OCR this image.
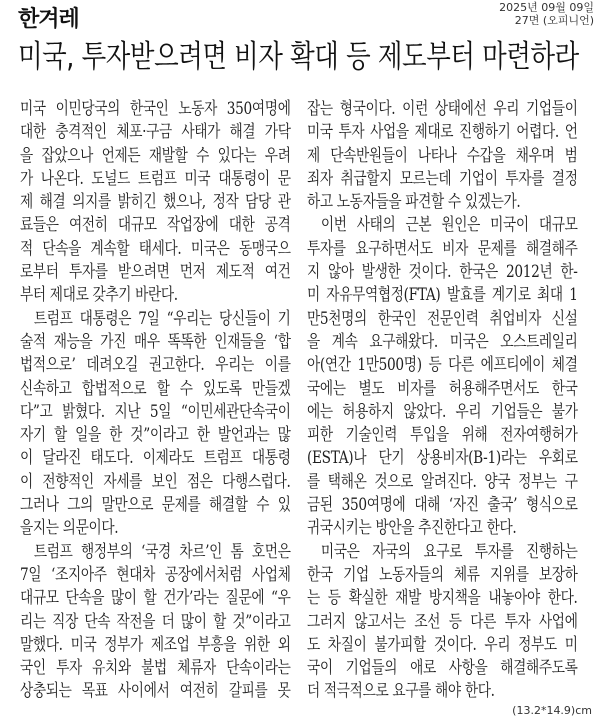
한겨레	2025년 09월 09일
27면 (오피니언)
미국, 투자받으려면 비자 확대 등 제도부터 마련하라
미국 이민당국의 한국인 노동자 350여명에
대한 충격적인 체포·구금 사태가 해결 가닥
을 잡았으나 언제든 재발할 수 있다는 우려
가 나온다. 도널드 트럼프 미국 대통령이 문
제 해결 의지를 밝히긴 했으나, 정작 담당 관
료들은 여전히 대규모 작업장에 대한 공격
적 단속을 계속할 태세다. 미국은 동맹국으
로부터 투자를 받으려면 먼저 제도적 여건
부터 제대로 갖추기 바란다.
트럼프 대통령은 7일 “우리는 당신들이 기
술적 재능을 가진 매우 똑똑한 인재들을 ‘합
법적으로’ 데려오길 권고한다. 우리는 이를
신속하고 합법적으로 할 수 있도록 만들겠
다”고 밝혔다. 지난 5일 “이민세관단속국이
자기 할 일을 한 것”이라고 한 발언과는 많
이 달라진 태도다. 이제라도 트럼프 대통령
이 전향적인 자세를 보인 점은 다행스럽다.
그러나 그의 말만으로 문제를 해결할 수 있
을지는 의문이다.
트럼프 행정부의 ‘국경 차르’인 톰 호먼은
7일 ‘조지아주 현대차 공장에서처럼 사업체
대규모 단속을 많이 할 건가’라는 질문에 “우
리는 직장 단속 작전을 더 많이 할 것”이라고
말했다. 미국 정부가 제조업 부흥을 위한 외
국인 투자 유치와 불법 체류자 단속이라는
상충되는 목표 사이에서 여전히 갈피를 못
잡는 형국이다. 이런 상태에선 우리 기업들이
미국 투자 사업을 제대로 진행하기 어렵다. 언
제 단속반원들이 나타나 수갑을 채우며 범
죄자 취급할지 모르는데 기업이 투자를 결정
하고 노동자들을 파견할 수 있겠는가.
이번 사태의 근본 원인은 미국이 대규모
투자를 요구하면서도 비자 문제를 해결해주
지 않아 발생한 것이다. 한국은 2012년 한-
미 자유무역협정(FTA) 발효를 계기로 최대 1
만5천명의 한국인 전문인력 취업비자 신설
을 계속 요구해왔다. 미국은 오스트레일리
아(연간 1만500명) 등 다른 에프티에이 체결
국에는 별도 비자를 허용해주면서도 한국
에는 허용하지 않았다. 우리 기업들은 불가
피한 기술인력 투입을 위해 전자여행허가
(ESTA)나 단기 상용비자(B-1)라는 우회로
를 택해온 것으로 알려진다. 양국 정부는 구
금된 350여명에 대해 ‘자진 출국’ 형식으로
귀국시키는 방안을 추진한다고 한다.
미국은 자국의 요구로 투자를 진행하는
한국 기업 노동자들의 체류 지위를 보장하
는 등 확실한 재발 방지책을 내놓아야 한다.
그러지 않고서는 조선 등 다른 투자 사업에
도 차질이 불가피할 것이다. 우리 정부도 미
국이 기업들의 애로 사항을 해결해주도록
더 적극적으로 요구를 해야 한다.
(13.2*14.9)cm
